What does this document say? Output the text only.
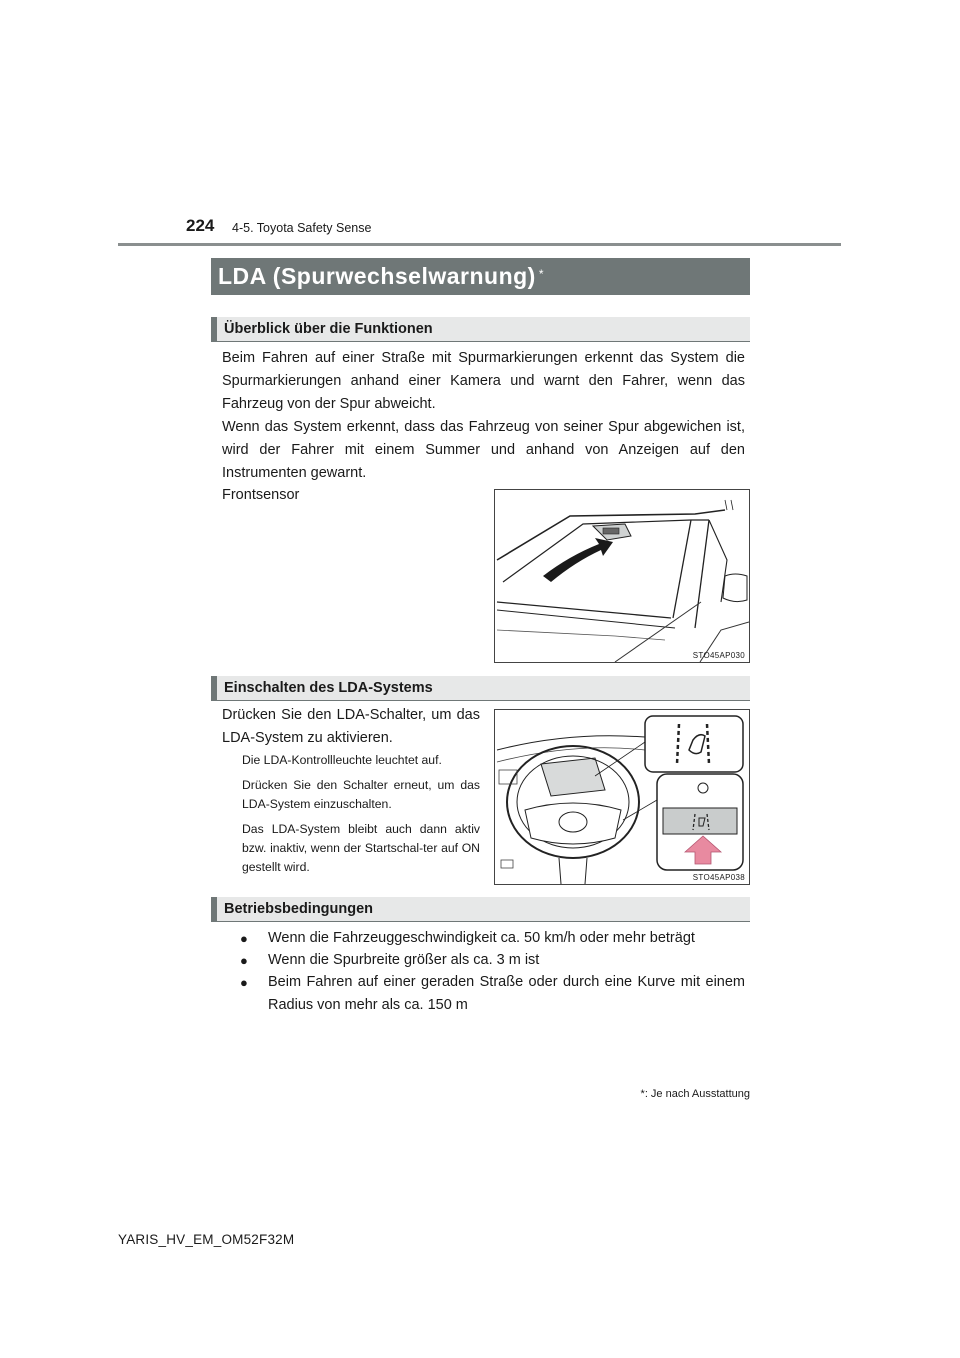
224 4-5. Toyota Safety Sense
LDA (Spurwechselwarnung) *
Überblick über die Funktionen
Beim Fahren auf einer Straße mit Spurmarkierungen erkennt das System die Spurmarkierungen anhand einer Kamera und warnt den Fahrer, wenn das Fahrzeug von der Spur abweicht.
Wenn das System erkennt, dass das Fahrzeug von seiner Spur abgewichen ist, wird der Fahrer mit einem Summer und anhand von Anzeigen auf den Instrumenten gewarnt.
Frontsensor
STO45AP030
Einschalten des LDA-Systems
Drücken Sie den LDA-Schalter, um das LDA-System zu aktivieren.
Die LDA-Kontrollleuchte leuchtet auf.
Drücken Sie den Schalter erneut, um das LDA-System einzuschalten.
Das LDA-System bleibt auch dann aktiv bzw. inaktiv, wenn der Startschal-ter auf ON gestellt wird.
STO45AP038
Betriebsbedingungen
●	Wenn die Fahrzeuggeschwindigkeit ca. 50 km/h oder mehr beträgt
●	Wenn die Spurbreite größer als ca. 3 m ist
●	Beim Fahren auf einer geraden Straße oder durch eine Kurve mit einem Radius von mehr als ca. 150 m
*: Je nach Ausstattung
YARIS_HV_EM_OM52F32M
